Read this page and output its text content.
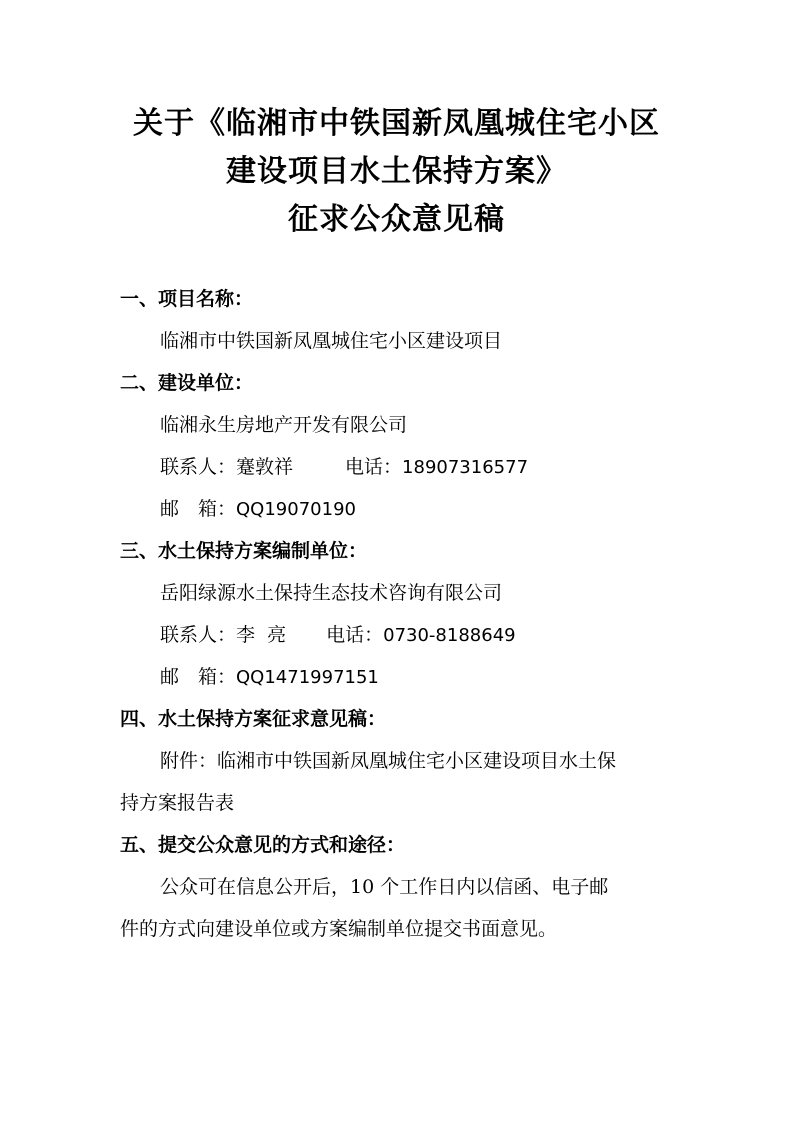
关于《临湘市中铁国新凤凰城住宅小区
建设项目水土保持方案》
征求公众意见稿
一、项目名称：
临湘市中铁国新凤凰城住宅小区建设项目
二、建设单位：
临湘永生房地产开发有限公司
联系人：蹇敦祥	电话：18907316577
邮 箱：QQ19070190
三、水土保持方案编制单位：
岳阳绿源水土保持生态技术咨询有限公司
联系人：李  亮 电话：0730-8188649
邮 箱：QQ1471997151
四、水土保持方案征求意见稿：
附件：临湘市中铁国新凤凰城住宅小区建设项目水土保
持方案报告表
五、提交公众意见的方式和途径：
公众可在信息公开后，10 个工作日内以信函、电子邮
件的方式向建设单位或方案编制单位提交书面意见。
